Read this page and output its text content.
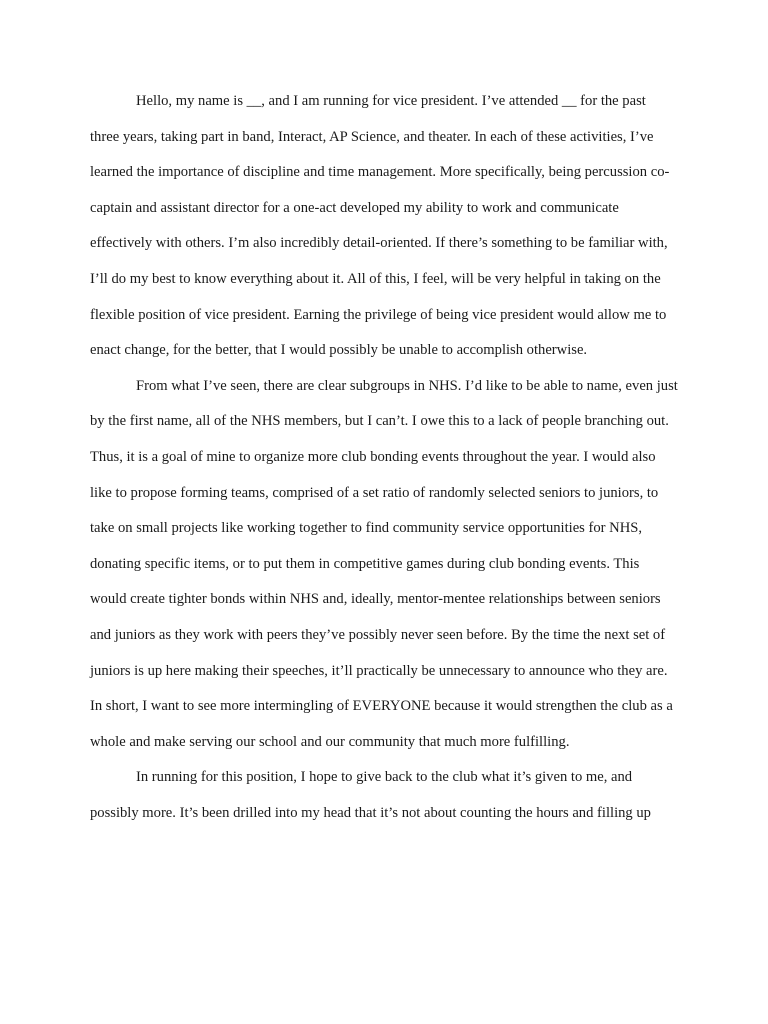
Hello, my name is __, and I am running for vice president. I’ve attended __ for the past three years, taking part in band, Interact, AP Science, and theater. In each of these activities, I’ve learned the importance of discipline and time management. More specifically, being percussion co-captain and assistant director for a one-act developed my ability to work and communicate effectively with others. I’m also incredibly detail-oriented. If there’s something to be familiar with, I’ll do my best to know everything about it. All of this, I feel, will be very helpful in taking on the flexible position of vice president. Earning the privilege of being vice president would allow me to enact change, for the better, that I would possibly be unable to accomplish otherwise.

From what I’ve seen, there are clear subgroups in NHS. I’d like to be able to name, even just by the first name, all of the NHS members, but I can’t. I owe this to a lack of people branching out. Thus, it is a goal of mine to organize more club bonding events throughout the year. I would also like to propose forming teams, comprised of a set ratio of randomly selected seniors to juniors, to take on small projects like working together to find community service opportunities for NHS, donating specific items, or to put them in competitive games during club bonding events. This would create tighter bonds within NHS and, ideally, mentor-mentee relationships between seniors and juniors as they work with peers they’ve possibly never seen before. By the time the next set of juniors is up here making their speeches, it’ll practically be unnecessary to announce who they are. In short, I want to see more intermingling of EVERYONE because it would strengthen the club as a whole and make serving our school and our community that much more fulfilling.

In running for this position, I hope to give back to the club what it’s given to me, and possibly more. It’s been drilled into my head that it’s not about counting the hours and filling up
